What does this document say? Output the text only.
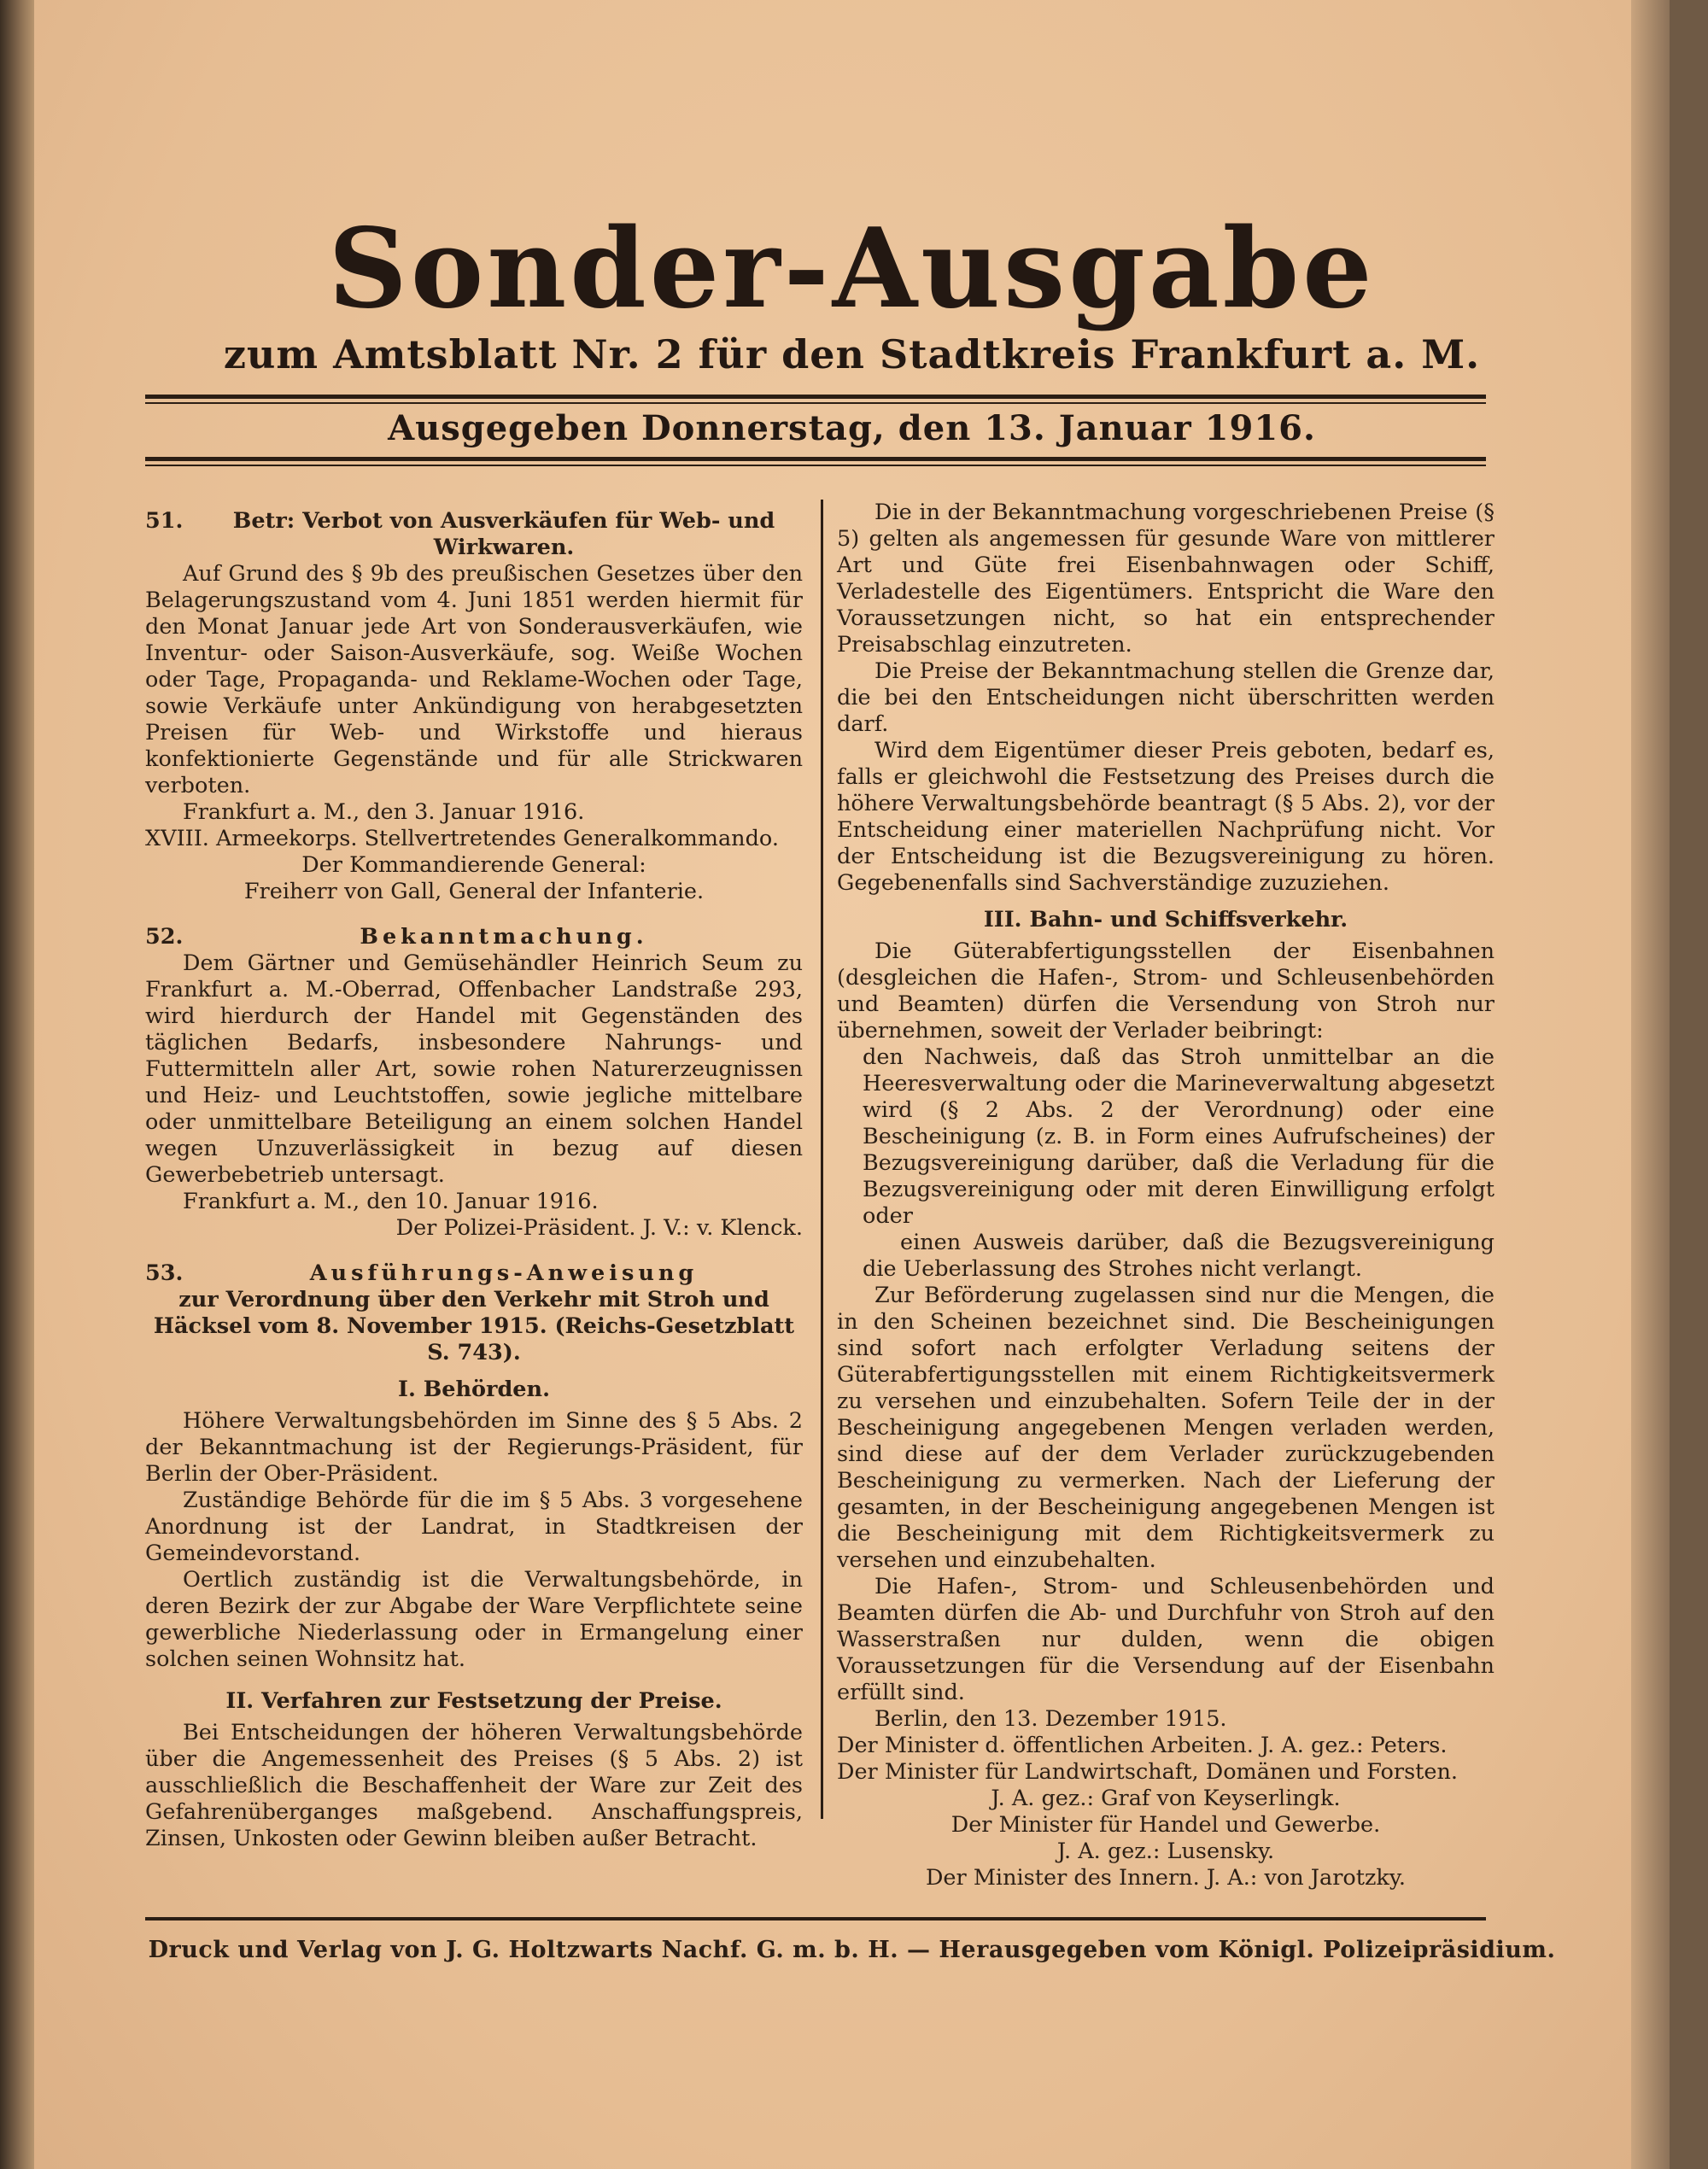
Sonder-Ausgabe
zum Amtsblatt Nr. 2 für den Stadtkreis Frankfurt a. M.
Ausgegeben Donnerstag, den 13. Januar 1916.
51.	Betr: Verbot von Ausverkäufen für Web- und Wirkwaren.

Auf Grund des § 9b des preußischen Gesetzes über den Belagerungszustand vom 4. Juni 1851 werden hiermit für den Monat Januar jede Art von Sonderausverkäufen, wie Inventur- oder Saison-Ausverkäufe, sog. Weiße Wochen oder Tage, Propaganda- und Reklame-Wochen oder Tage, sowie Verkäufe unter Ankündigung von herabgesetzten Preisen für Web- und Wirkstoffe und hieraus konfektionierte Gegenstände und für alle Strickwaren verboten.

Frankfurt a. M., den 3. Januar 1916.

XVIII. Armeekorps. Stellvertretendes Generalkommando.

Der Kommandierende General:

Freiherr von Gall, General der Infanterie.

52.	Bekanntmachung.

Dem Gärtner und Gemüsehändler Heinrich Seum zu Frankfurt a. M.-Oberrad, Offenbacher Landstraße 293, wird hierdurch der Handel mit Gegenständen des täglichen Bedarfs, insbesondere Nahrungs- und Futtermitteln aller Art, sowie rohen Naturerzeugnissen und Heiz- und Leuchtstoffen, sowie jegliche mittelbare oder unmittelbare Beteiligung an einem solchen Handel wegen Unzuverlässigkeit in bezug auf diesen Gewerbebetrieb untersagt.

Frankfurt a. M., den 10. Januar 1916.

Der Polizei-Präsident. J. V.: v. Klenck.

53.	Ausführungs-Anweisung

zur Verordnung über den Verkehr mit Stroh und Häcksel vom 8. November 1915. (Reichs-Gesetzblatt S. 743).

I. Behörden.

Höhere Verwaltungsbehörden im Sinne des § 5 Abs. 2 der Bekanntmachung ist der Regierungs-Präsident, für Berlin der Ober-Präsident.

Zuständige Behörde für die im § 5 Abs. 3 vorgesehene Anordnung ist der Landrat, in Stadtkreisen der Gemeindevorstand.

Oertlich zuständig ist die Verwaltungsbehörde, in deren Bezirk der zur Abgabe der Ware Verpflichtete seine gewerbliche Niederlassung oder in Ermangelung einer solchen seinen Wohnsitz hat.

II. Verfahren zur Festsetzung der Preise.

Bei Entscheidungen der höheren Verwaltungsbehörde über die Angemessenheit des Preises (§ 5 Abs. 2) ist ausschließlich die Beschaffenheit der Ware zur Zeit des Gefahrenüberganges maßgebend. Anschaffungspreis, Zinsen, Unkosten oder Gewinn bleiben außer Betracht.

Die in der Bekanntmachung vorgeschriebenen Preise (§ 5) gelten als angemessen für gesunde Ware von mittlerer Art und Güte frei Eisenbahnwagen oder Schiff, Verladestelle des Eigentümers. Entspricht die Ware den Voraussetzungen nicht, so hat ein entsprechender Preisabschlag einzutreten.

Die Preise der Bekanntmachung stellen die Grenze dar, die bei den Entscheidungen nicht überschritten werden darf.

Wird dem Eigentümer dieser Preis geboten, bedarf es, falls er gleichwohl die Festsetzung des Preises durch die höhere Verwaltungsbehörde beantragt (§ 5 Abs. 2), vor der Entscheidung einer materiellen Nachprüfung nicht. Vor der Entscheidung ist die Bezugsvereinigung zu hören. Gegebenenfalls sind Sachverständige zuzuziehen.

III. Bahn- und Schiffsverkehr.

Die Güterabfertigungsstellen der Eisenbahnen (desgleichen die Hafen-, Strom- und Schleusenbehörden und Beamten) dürfen die Versendung von Stroh nur übernehmen, soweit der Verlader beibringt:

den Nachweis, daß das Stroh unmittelbar an die Heeresverwaltung oder die Marineverwaltung abgesetzt wird (§ 2 Abs. 2 der Verordnung) oder eine Bescheinigung (z. B. in Form eines Aufrufscheines) der Bezugsvereinigung darüber, daß die Verladung für die Bezugsvereinigung oder mit deren Einwilligung erfolgt oder

einen Ausweis darüber, daß die Bezugsvereinigung die Ueberlassung des Strohes nicht verlangt.

Zur Beförderung zugelassen sind nur die Mengen, die in den Scheinen bezeichnet sind. Die Bescheinigungen sind sofort nach erfolgter Verladung seitens der Güterabfertigungsstellen mit einem Richtigkeitsvermerk zu versehen und einzubehalten. Sofern Teile der in der Bescheinigung angegebenen Mengen verladen werden, sind diese auf der dem Verlader zurückzugebenden Bescheinigung zu vermerken. Nach der Lieferung der gesamten, in der Bescheinigung angegebenen Mengen ist die Bescheinigung mit dem Richtigkeitsvermerk zu versehen und einzubehalten.

Die Hafen-, Strom- und Schleusenbehörden und Beamten dürfen die Ab- und Durchfuhr von Stroh auf den Wasserstraßen nur dulden, wenn die obigen Voraussetzungen für die Versendung auf der Eisenbahn erfüllt sind.

Berlin, den 13. Dezember 1915.

Der Minister d. öffentlichen Arbeiten. J. A. gez.: Peters.

Der Minister für Landwirtschaft, Domänen und Forsten.

J. A. gez.: Graf von Keyserlingk.

Der Minister für Handel und Gewerbe.

J. A. gez.: Lusensky.

Der Minister des Innern. J. A.: von Jarotzky.

Druck und Verlag von J. G. Holtzwarts Nachf. G. m. b. H. — Herausgegeben vom Königl. Polizeipräsidium.
